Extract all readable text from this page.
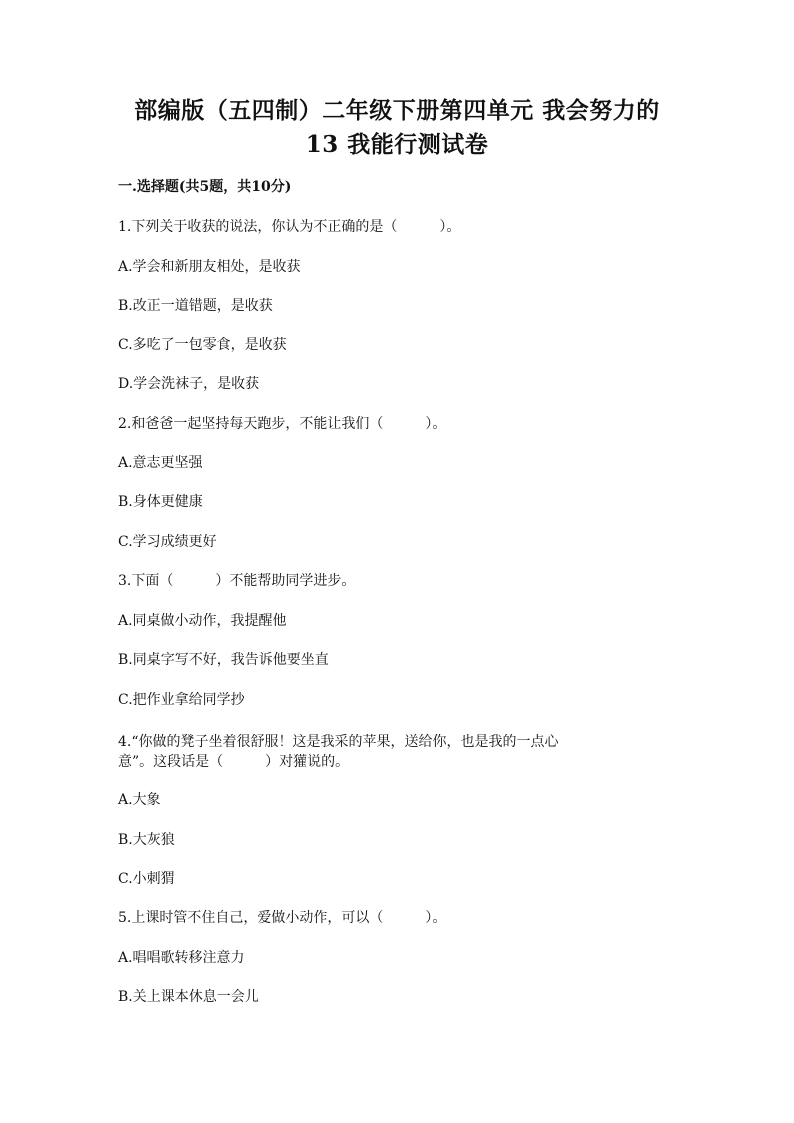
部编版（五四制）二年级下册第四单元 我会努力的
13 我能行测试卷
一.选择题(共5题，共10分)
1.下列关于收获的说法，你认为不正确的是（　　　）。
A.学会和新朋友相处，是收获
B.改正一道错题，是收获
C.多吃了一包零食，是收获
D.学会洗袜子，是收获
2.和爸爸一起坚持每天跑步，不能让我们（　　　）。
A.意志更坚强
B.身体更健康
C.学习成绩更好
3.下面（　　　）不能帮助同学进步。
A.同桌做小动作，我提醒他
B.同桌字写不好，我告诉他要坐直
C.把作业拿给同学抄
4.“你做的凳子坐着很舒服！这是我采的苹果，送给你，也是我的一点心
意”。这段话是（　　　）对獾说的。
A.大象
B.大灰狼
C.小刺猬
5.上课时管不住自己，爱做小动作，可以（　　　）。
A.唱唱歌转移注意力
B.关上课本休息一会儿
